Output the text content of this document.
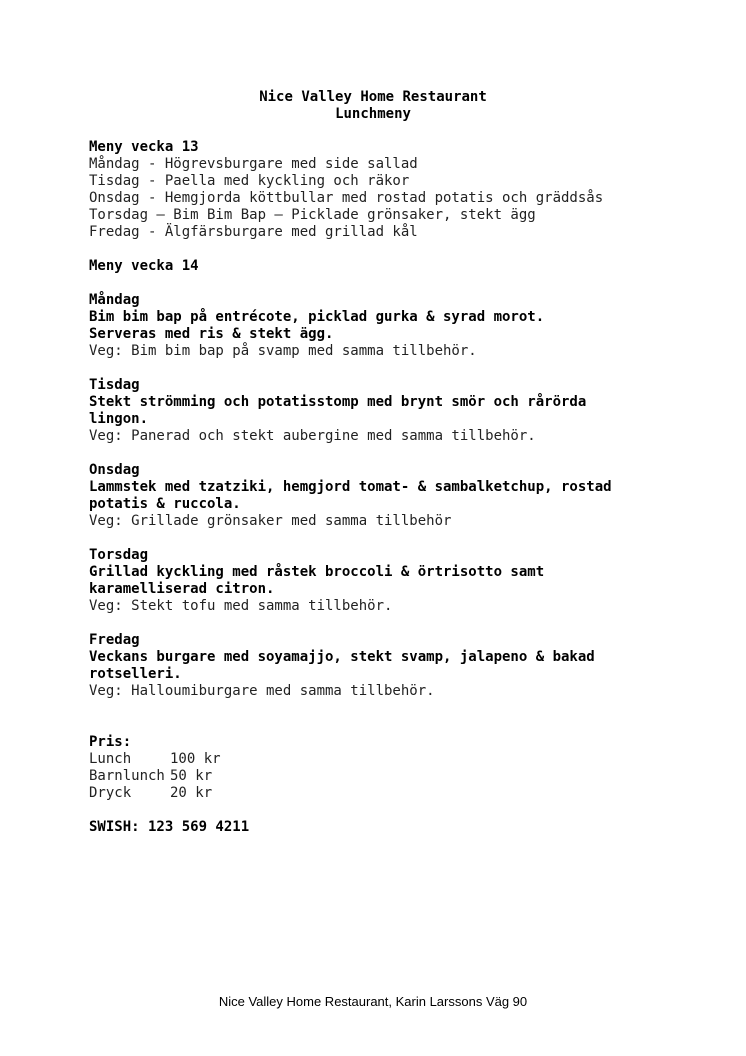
Nice Valley Home Restaurant
Lunchmeny
Meny vecka 13
Måndag - Högrevsburgare med side sallad
Tisdag - Paella med kyckling och räkor
Onsdag - Hemgjorda köttbullar med rostad potatis och gräddsås
Torsdag – Bim Bim Bap – Picklade grönsaker, stekt ägg
Fredag - Älgfärsburgare med grillad kål
Meny vecka 14
Måndag
Bim bim bap på entrécote, picklad gurka & syrad morot.
Serveras med ris & stekt ägg.
Veg: Bim bim bap på svamp med samma tillbehör.
Tisdag
Stekt strömming och potatisstomp med brynt smör och rårörda
lingon.
Veg: Panerad och stekt aubergine med samma tillbehör.
Onsdag
Lammstek med tzatziki, hemgjord tomat- & sambalketchup, rostad
potatis & ruccola.
Veg: Grillade grönsaker med samma tillbehör
Torsdag
Grillad kyckling med råstek broccoli & örtrisotto samt
karamelliserad citron.
Veg: Stekt tofu med samma tillbehör.
Fredag
Veckans burgare med soyamajjo, stekt svamp, jalapeno & bakad
rotselleri.
Veg: Halloumiburgare med samma tillbehör.
Pris:
Lunch	100 kr
Barnlunch 50 kr
Dryck	20 kr
SWISH: 123 569 4211
Nice Valley Home Restaurant, Karin Larssons Väg 90
